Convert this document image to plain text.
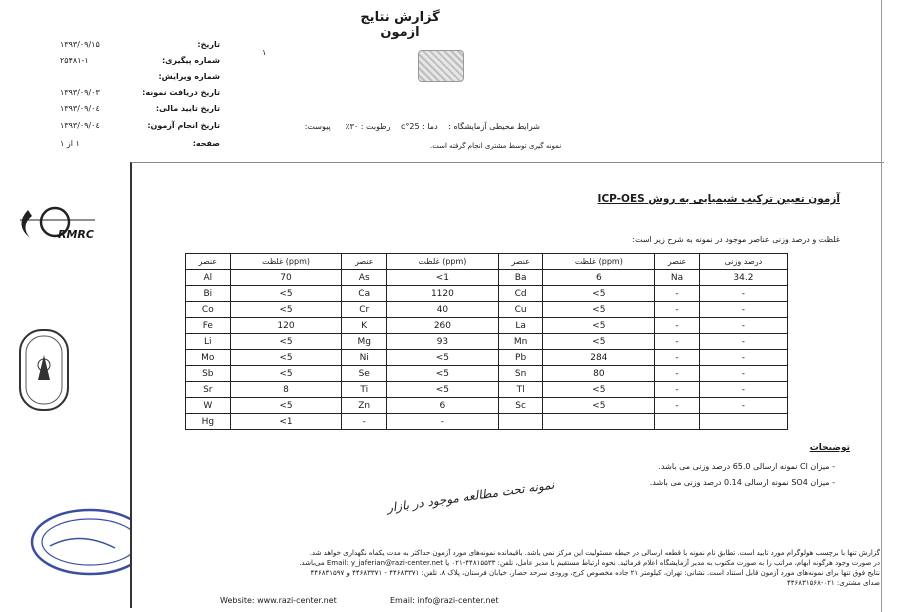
گزارش نتایج ازمون
١
تاریخ:
۱۳۹۳/۰۹/۱۵
شماره پیگیری:
۲۵۴۸۱-۱
شماره ویرایش:
تاریخ دریافت نمونه:
۱۳۹۳/۰۹/۰۳
تاریخ تایید مالی:
۱۳۹۳/۰۹/۰٤
تاریخ انجام آزمون:
۱۳۹۳/۰۹/۰٤
صفحه:
١ از ١
شرایط محیطی آزمایشگاه : دما : 25°c رطوبت : ۳۰٪ پیوست:
نمونه گیری توسط مشتری انجام گرفته است.
RMRC
آزمون تعیین ترکیب شیمیایی به روش ICP-OES
غلظت و درصد وزنی عناصر موجود در نمونه به شرح زیر است:
عنصر	غلظت (ppm)	عنصر	غلظت (ppm)	عنصر	غلظت (ppm)	عنصر	درصد وزنی
Al	70	As	<1	Ba	6	Na	34.2
Bi	<5	Ca	1120	Cd	<5	-	-
Co	<5	Cr	40	Cu	<5	-	-
Fe	120	K	260	La	<5	-	-
Li	<5	Mg	93	Mn	<5	-	-
Mo	<5	Ni	<5	Pb	284	-	-
Sb	<5	Se	<5	Sn	80	-	-
Sr	8	Ti	<5	Tl	<5	-	-
W	<5	Zn	6	Sc	<5	-	-
Hg	<1	-	-				
توضیحات
- میزان Cl نمونه ارسالی 65.0 درصد وزنی می باشد.
- میزان SO4 نمونه ارسالی 0.14 درصد وزنی می باشد.
نمونه تحت مطالعه موجود در بازار
گزارش تنها با برچسب هولوگرام مورد تایید است. تطابق نام نمونه با قطعه ارسالی در حیطه مسئولیت این مرکز نمی باشد. باقیمانده نمونه‌های مورد آزمون حداکثر به مدت یکماه نگهداری خواهد شد.
در صورت وجود هرگونه ابهام، مراتب را به صورت مکتوب به مدیر آزمایشگاه اعلام فرمائید. نحوه ارتباط مستقیم با مدیر عامل، تلفن: ۴۴۸۱۵۵۳۳-۰۲۱ یا Email: y_jaferian@razi-center.net می‌باشد.
نتایج فوق تنها برای نمونه‌های مورد آزمون قابل استناد است. نشانی: تهران، کیلومتر ۲۱ جاده مخصوص کرج، ورودی سرحد حصار، خیابان فرستان، پلاک ۸. تلفن: ۴۴۶۸۳۳۷۱ - ۴۴۶۸۳۳۷۱ و ۴۴۶۸۳۱۵۹۷
صدای مشتری: ۰۲۱-۴۴۶۸۳۱۵۶۸
Website: www.razi-center.net	Email: info@razi-center.net
